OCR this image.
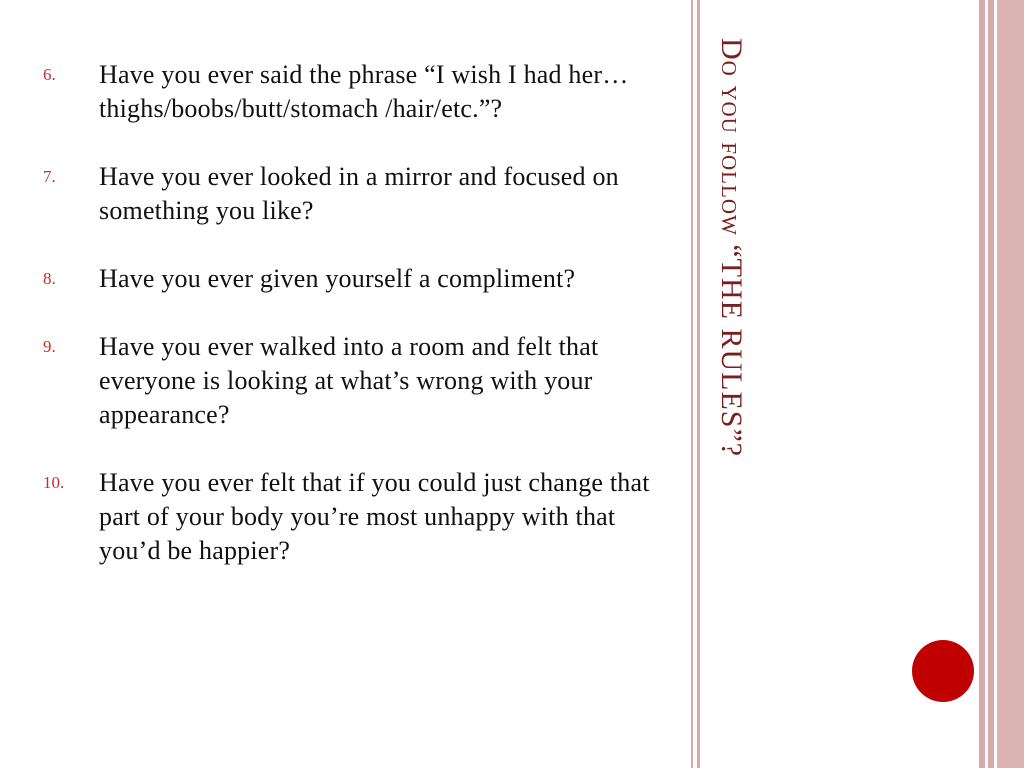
6.	Have you ever said the phrase “I wish I had her…thighs/boobs/butt/stomach /hair/etc.”?
7.	Have you ever looked in a mirror and focused on something you like?
8.	Have you ever given yourself a compliment?
9.	Have you ever walked into a room and felt that everyone is looking at what’s wrong with your appearance?
10.	Have you ever felt that if you could just change that part of your body you’re most unhappy with that you’d be happier?
Do you follow “THE RULES”?
